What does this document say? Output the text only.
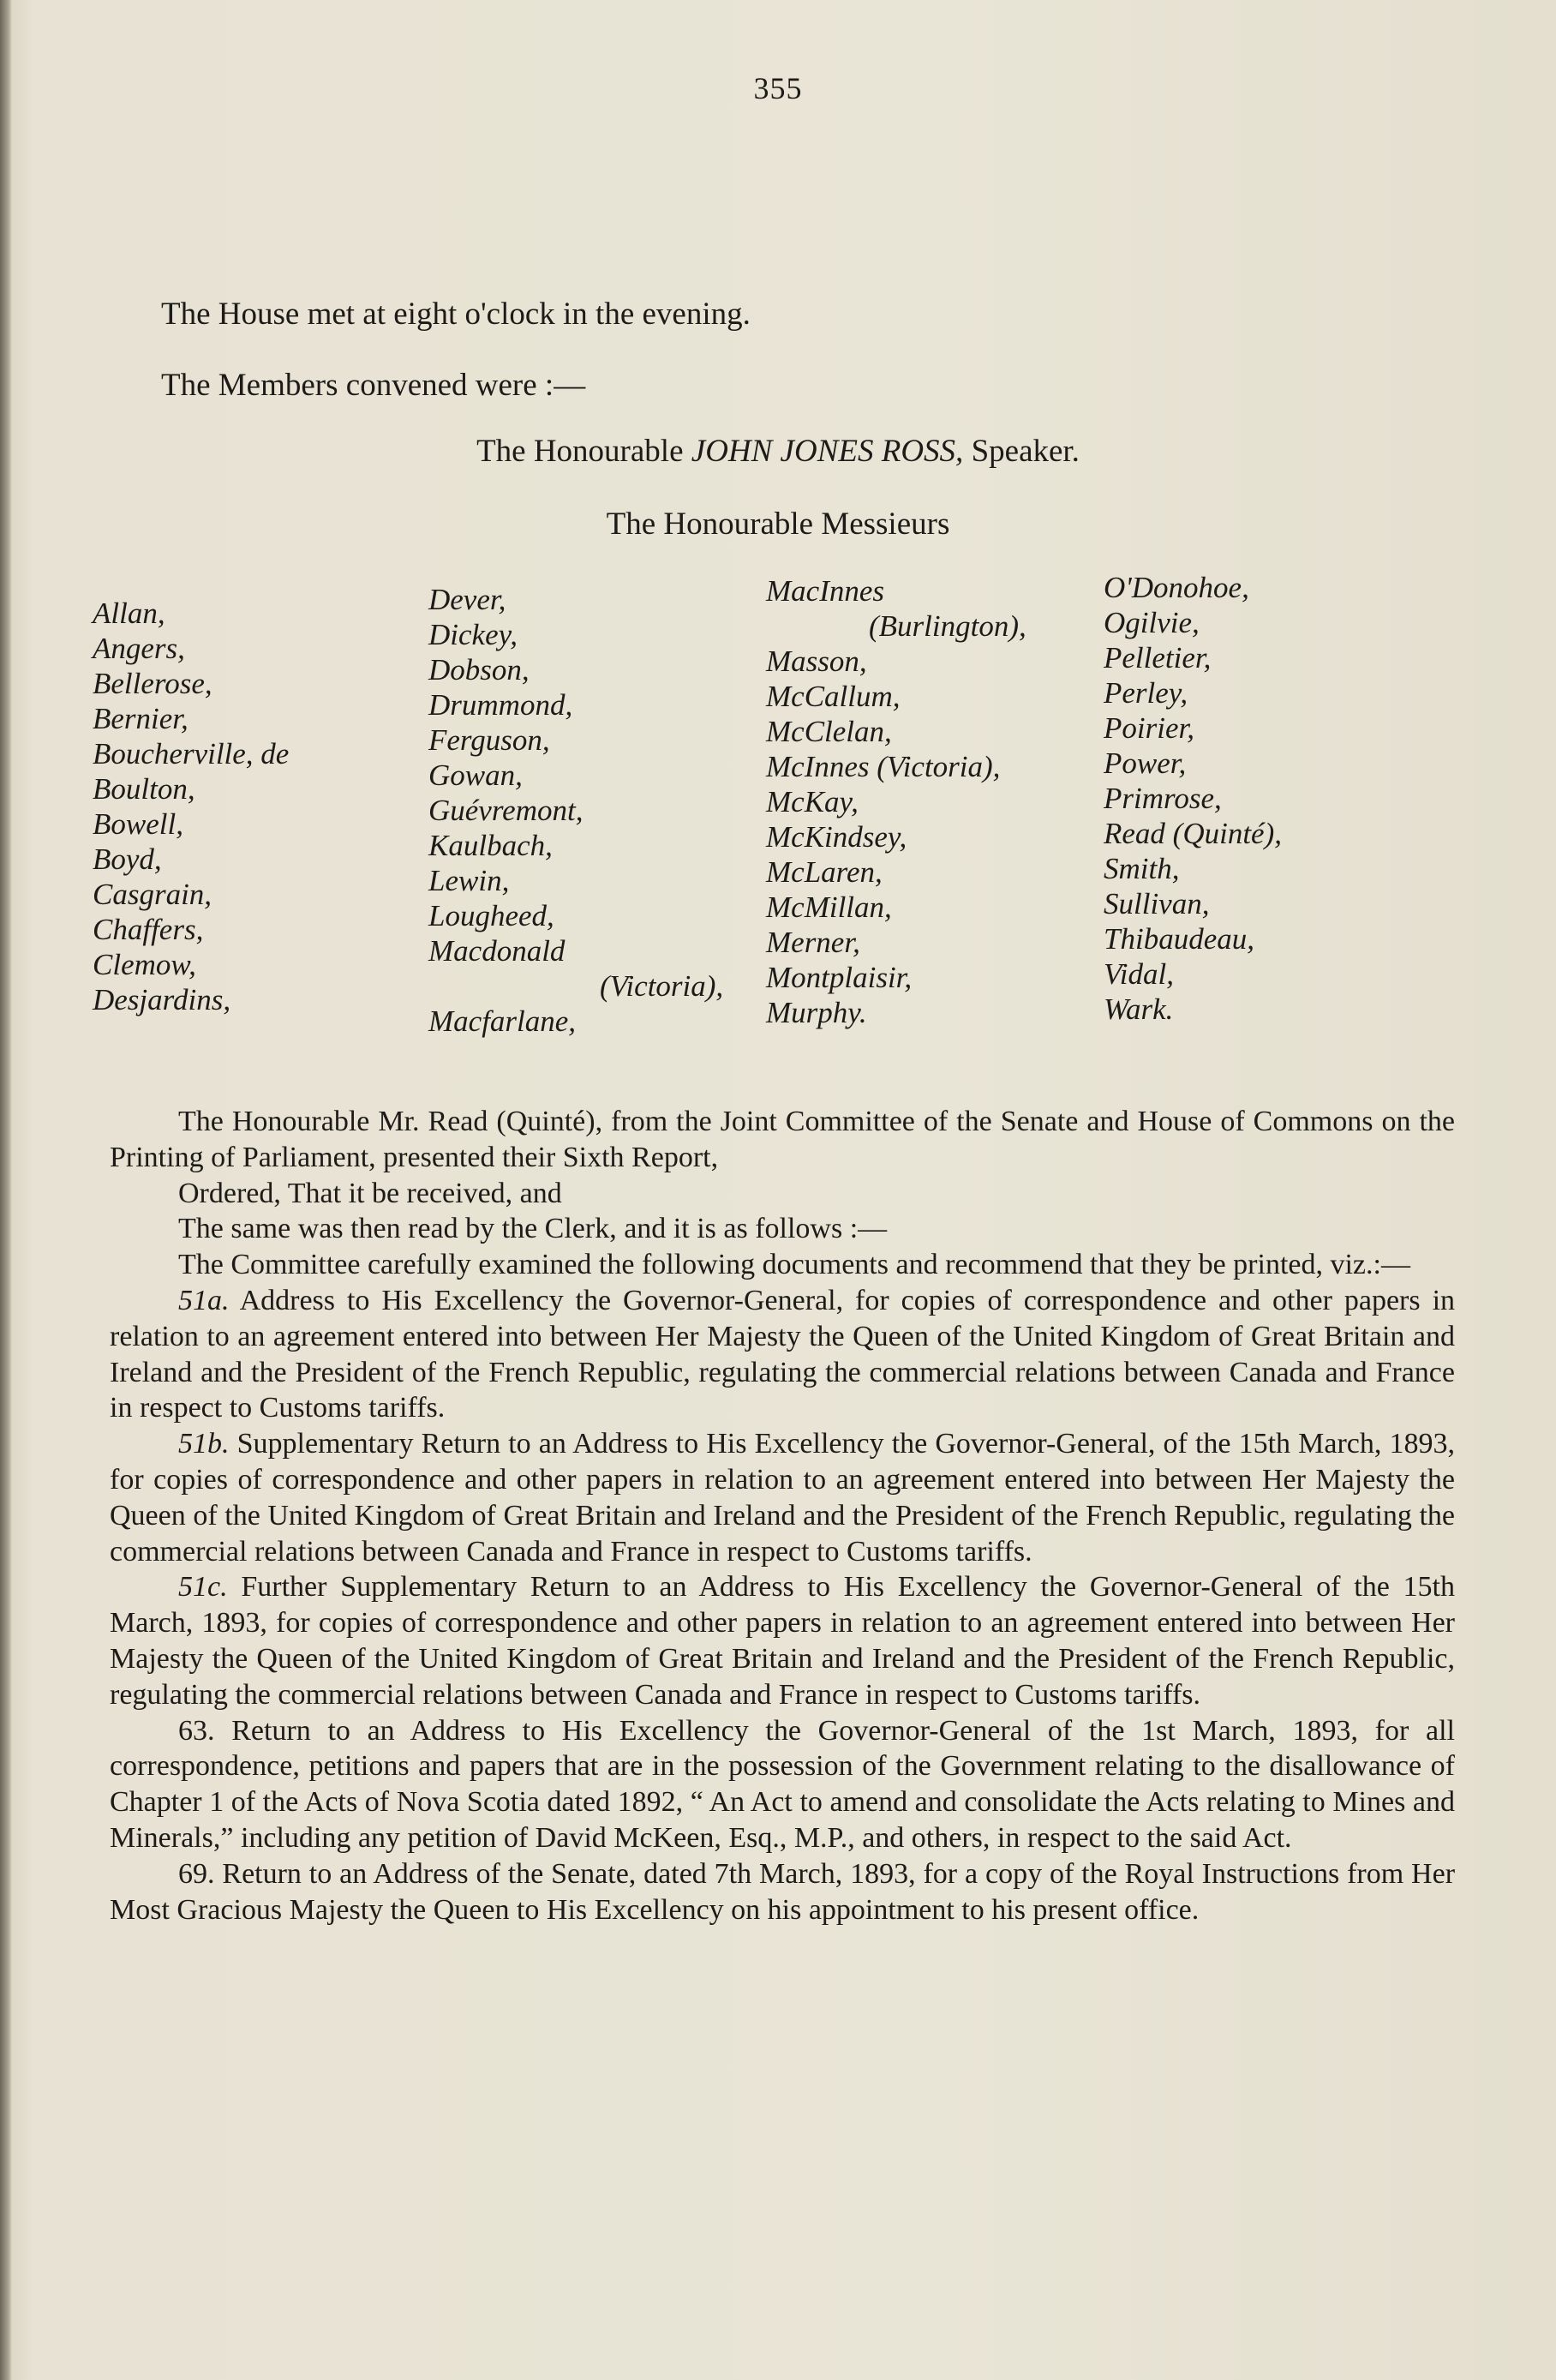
355
The House met at eight o'clock in the evening.
The Members convened were :—
The Honourable JOHN JONES ROSS, Speaker.
The Honourable Messieurs
Allan,
Angers,
Bellerose,
Bernier,
Boucherville, de
Boulton,
Bowell,
Boyd,
Casgrain,
Chaffers,
Clemow,
Desjardins,
Dever,
Dickey,
Dobson,
Drummond,
Ferguson,
Gowan,
Guévremont,
Kaulbach,
Lewin,
Lougheed,
Macdonald
(Victoria),
Macfarlane,
MacInnes
(Burlington),
Masson,
McCallum,
McClelan,
McInnes (Victoria),
McKay,
McKindsey,
McLaren,
McMillan,
Merner,
Montplaisir,
Murphy.
O'Donohoe,
Ogilvie,
Pelletier,
Perley,
Poirier,
Power,
Primrose,
Read (Quinté),
Smith,
Sullivan,
Thibaudeau,
Vidal,
Wark.

The Honourable Mr. Read (Quinté), from the Joint Committee of the Senate and House of Commons on the Printing of Parliament, presented their Sixth Report,

Ordered, That it be received, and

The same was then read by the Clerk, and it is as follows :—

The Committee carefully examined the following documents and recommend that they be printed, viz.:—

51a. Address to His Excellency the Governor-General, for copies of correspondence and other papers in relation to an agreement entered into between Her Majesty the Queen of the United Kingdom of Great Britain and Ireland and the President of the French Republic, regulating the commercial relations between Canada and France in respect to Customs tariffs.

51b. Supplementary Return to an Address to His Excellency the Governor-General, of the 15th March, 1893, for copies of correspondence and other papers in relation to an agreement entered into between Her Majesty the Queen of the United Kingdom of Great Britain and Ireland and the President of the French Republic, regulating the commercial relations between Canada and France in respect to Customs tariffs.

51c. Further Supplementary Return to an Address to His Excellency the Governor-General of the 15th March, 1893, for copies of correspondence and other papers in relation to an agreement entered into between Her Majesty the Queen of the United Kingdom of Great Britain and Ireland and the President of the French Republic, regulating the commercial relations between Canada and France in respect to Customs tariffs.

63. Return to an Address to His Excellency the Governor-General of the 1st March, 1893, for all correspondence, petitions and papers that are in the possession of the Government relating to the disallowance of Chapter 1 of the Acts of Nova Scotia dated 1892, “ An Act to amend and consolidate the Acts relating to Mines and Minerals,” including any petition of David McKeen, Esq., M.P., and others, in respect to the said Act.

69. Return to an Address of the Senate, dated 7th March, 1893, for a copy of the Royal Instructions from Her Most Gracious Majesty the Queen to His Excellency on his appointment to his present office.
